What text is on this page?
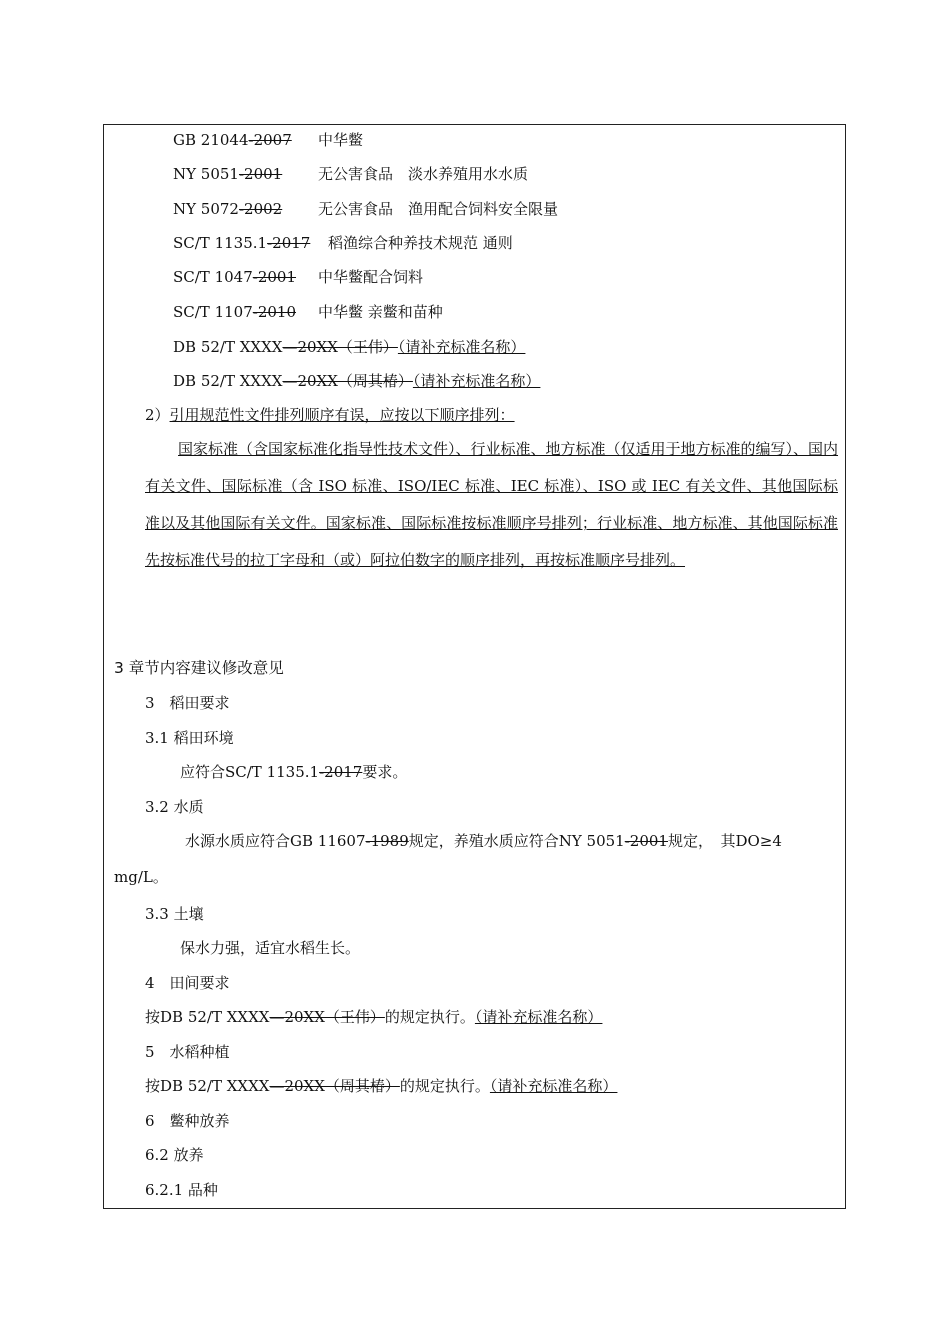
GB 21044-2007 中华鳖
NY 5051-2001 无公害食品　淡水养殖用水水质
NY 5072-2002 无公害食品　渔用配合饲料安全限量
SC/T 1135.1-2017 稻渔综合种养技术规范 通则
SC/T 1047-2001 中华鳖配合饲料
SC/T 1107-2010 中华鳖 亲鳖和苗种
DB 52/T XXXX—20XX（王伟）（请补充标准名称）
DB 52/T XXXX—20XX（周其椿）（请补充标准名称）
2）引用规范性文件排列顺序有误，应按以下顺序排列：
国家标准（含国家标准化指导性技术文件）、行业标准、地方标准（仅适用于地方标准的编写）、国内有关文件、国际标准（含 ISO 标准、ISO/IEC 标准、IEC 标准）、ISO 或 IEC 有关文件、其他国际标准以及其他国际有关文件。国家标准、国际标准按标准顺序号排列；行业标准、地方标准、其他国际标准先按标准代号的拉丁字母和（或）阿拉伯数字的顺序排列，再按标准顺序号排列。
3 章节内容建议修改意见
3　稻田要求
3.1 稻田环境
应符合SC/T 1135.1-2017要求。
3.2 水质
水源水质应符合GB 11607-1989规定，养殖水质应符合NY 5051-2001规定，　其DO≥4
mg/L。
3.3 土壤
保水力强，适宜水稻生长。
4　田间要求
按DB 52/T XXXX—20XX（王伟）的规定执行。（请补充标准名称）
5　水稻种植
按DB 52/T XXXX—20XX（周其椿）的规定执行。（请补充标准名称）
6　鳖种放养
6.2 放养
6.2.1 品种
